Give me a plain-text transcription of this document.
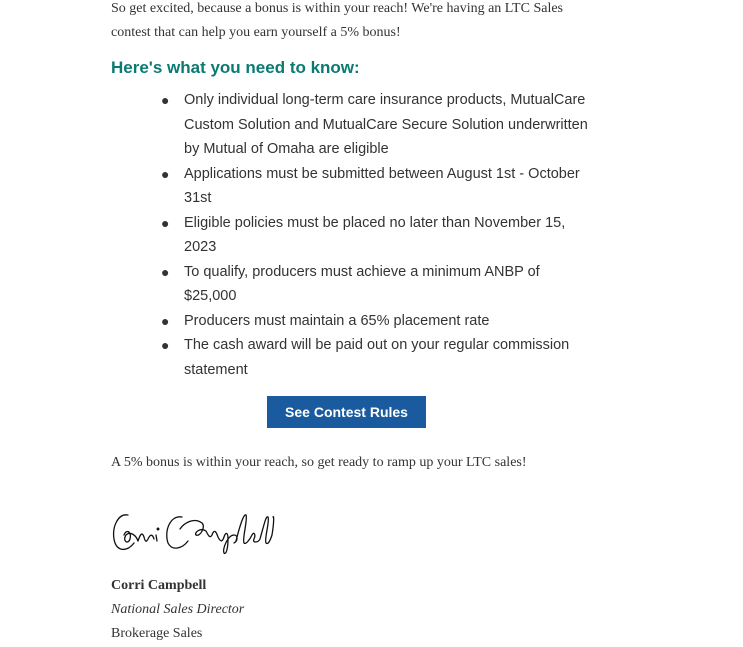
So get excited, because a bonus is within your reach! We're having an LTC Sales contest that can help you earn yourself a 5% bonus!

Here's what you need to know:
● Only individual long-term care insurance products, MutualCare Custom Solution and MutualCare Secure Solution underwritten by Mutual of Omaha are eligible
● Applications must be submitted between August 1st - October 31st
● Eligible policies must be placed no later than November 15, 2023
● To qualify, producers must achieve a minimum ANBP of $25,000
● Producers must maintain a 65% placement rate
● The cash award will be paid out on your regular commission statement
See Contest Rules

A 5% bonus is within your reach, so get ready to ramp up your LTC sales!

Corri Campbell

National Sales Director

Brokerage Sales
